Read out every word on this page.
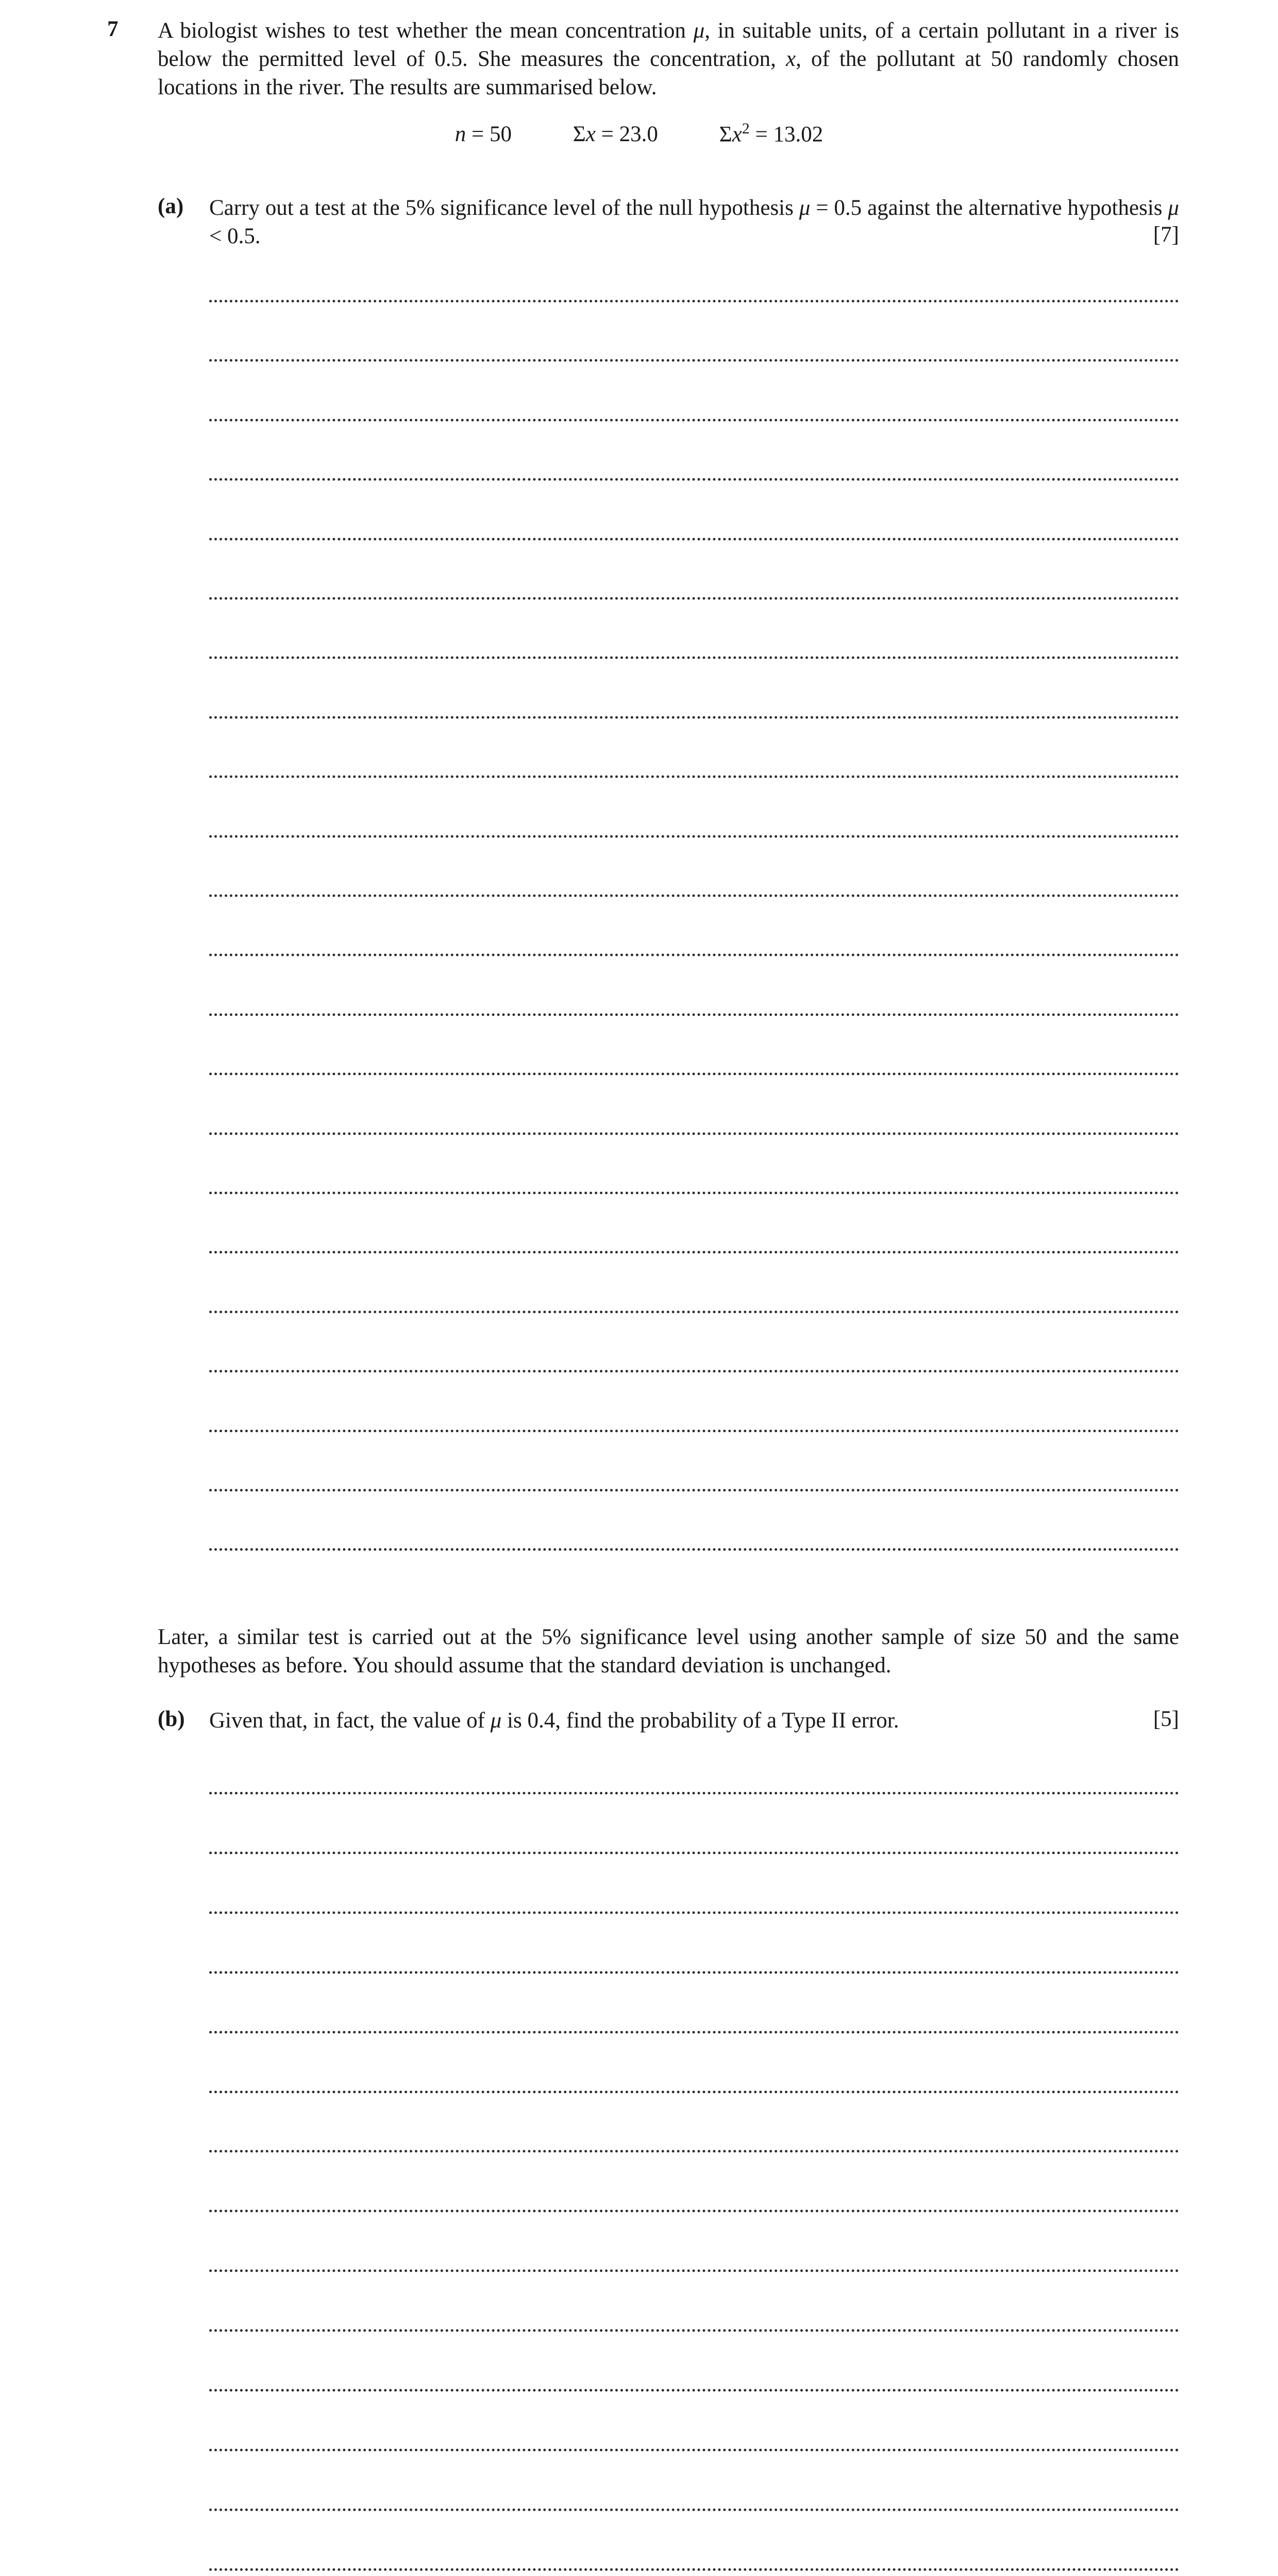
7 A biologist wishes to test whether the mean concentration μ, in suitable units, of a certain pollutant in a river is below the permitted level of 0.5. She measures the concentration, x, of the pollutant at 50 randomly chosen locations in the river. The results are summarised below.
n = 50	Σx = 23.0	$\Sigma x^2 = 13.02$
(a) Carry out a test at the 5% significance level of the null hypothesis μ = 0.5 against the alternative hypothesis μ < 0.5.	[7]
Later, a similar test is carried out at the 5% significance level using another sample of size 50 and the same hypotheses as before. You should assume that the standard deviation is unchanged.
(b) Given that, in fact, the value of μ is 0.4, find the probability of a Type II error.	[5]
